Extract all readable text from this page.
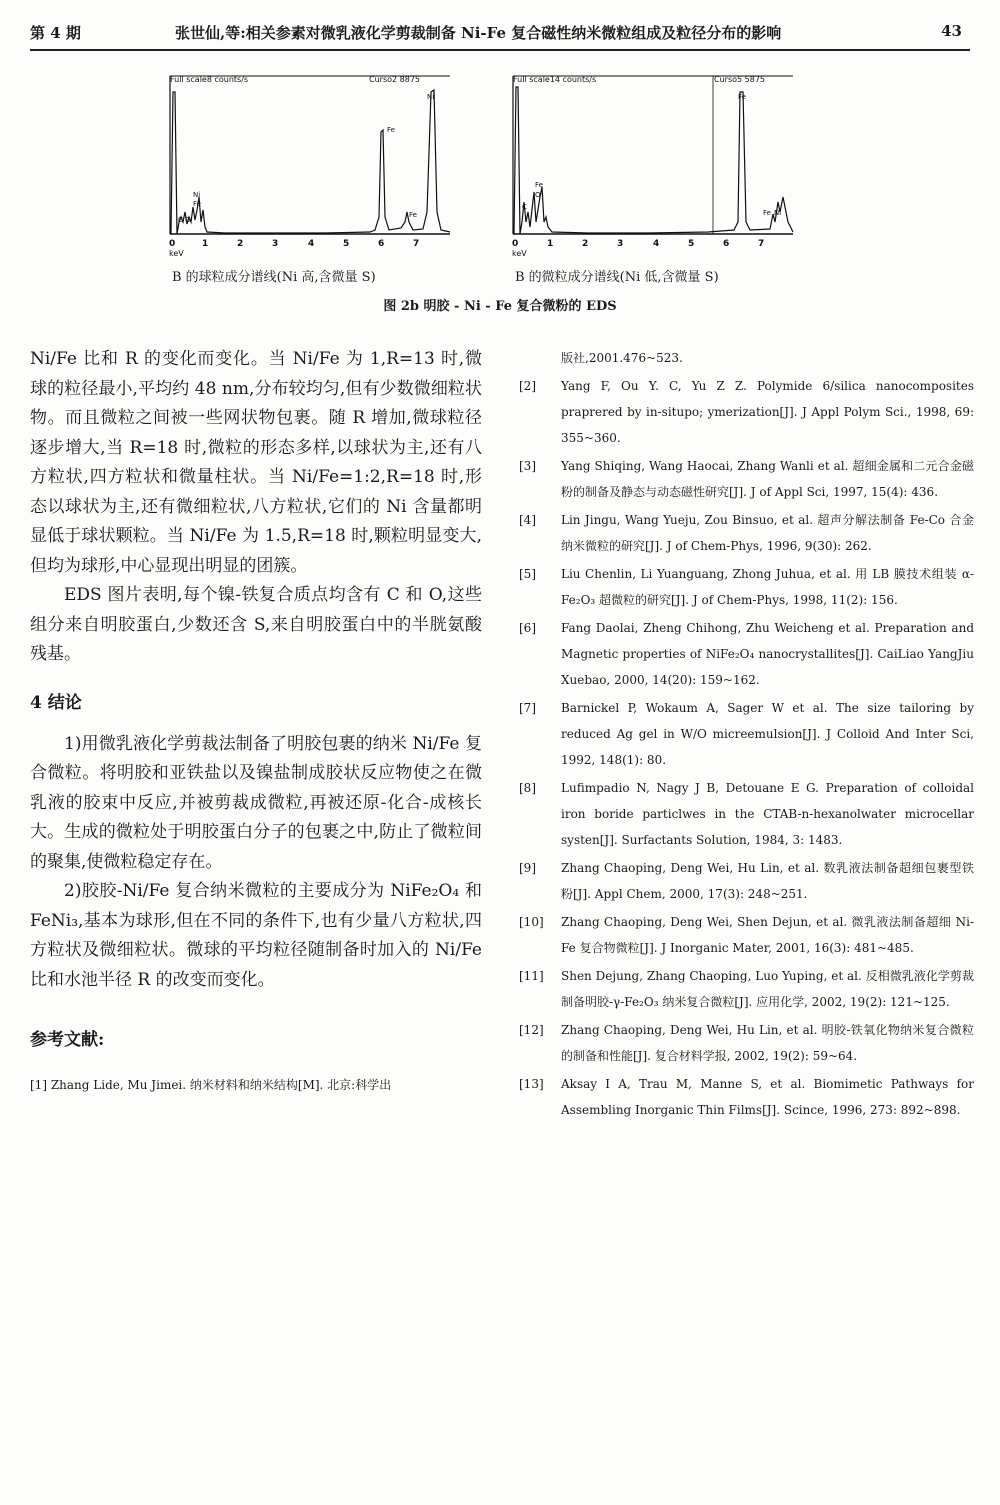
第 4 期	张世仙,等:相关参素对微乳液化学剪裁制备 Ni-Fe 复合磁性纳米微粒组成及粒径分布的影响	43
Full scale8 counts/s	Curso2 8875
Ni
Fe
Ni
Fe
C O
Fe
0	1	2	3	4	5	6	7
keV
B 的球粒成分谱线(Ni 高,含微量 S)
Full scale14 counts/s	Curso5 5875
Fe
Fe
O
C
Fe Ni
0	1	2	3	4	5	6	7
keV
B 的微粒成分谱线(Ni 低,含微量 S)
图 2b 明胶 - Ni - Fe 复合微粉的 EDS

Ni/Fe 比和 R 的变化而变化。当 Ni/Fe 为 1,R=13 时,微球的粒径最小,平均约 48 nm,分布较均匀,但有少数微细粒状物。而且微粒之间被一些网状物包裹。随 R 增加,微球粒径逐步增大,当 R=18 时,微粒的形态多样,以球状为主,还有八方粒状,四方粒状和微量柱状。当 Ni/Fe=1:2,R=18 时,形态以球状为主,还有微细粒状,八方粒状,它们的 Ni 含量都明显低于球状颗粒。当 Ni/Fe 为 1.5,R=18 时,颗粒明显变大,但均为球形,中心显现出明显的团簇。

EDS 图片表明,每个镍-铁复合质点均含有 C 和 O,这些组分来自明胶蛋白,少数还含 S,来自明胶蛋白中的半胱氨酸残基。

4 结论

1)用微乳液化学剪裁法制备了明胶包裹的纳米 Ni/Fe 复合微粒。将明胶和亚铁盐以及镍盐制成胶状反应物使之在微乳液的胶束中反应,并被剪裁成微粒,再被还原-化合-成核长大。生成的微粒处于明胶蛋白分子的包裹之中,防止了微粒间的聚集,使微粒稳定存在。

2)胶胶-Ni/Fe 复合纳米微粒的主要成分为 NiFe₂O₄ 和 FeNi₃,基本为球形,但在不同的条件下,也有少量八方粒状,四方粒状及微细粒状。微球的平均粒径随制备时加入的 Ni/Fe 比和水池半径 R 的改变而变化。

参考文献:
[1] Zhang Lide, Mu Jimei. 纳米材料和纳米结构[M]. 北京:科学出
版社,2001.476~523.
[2]	Yang F, Ou Y. C, Yu Z Z. Polymide 6/silica nanocomposites praprered by in-situpo; ymerization[J]. J Appl Polym Sci., 1998, 69: 355~360.
[3]	Yang Shiqing, Wang Haocai, Zhang Wanli et al. 超细金属和二元合金磁粉的制备及静态与动态磁性研究[J]. J of Appl Sci, 1997, 15(4): 436.
[4]	Lin Jingu, Wang Yueju, Zou Binsuo, et al. 超声分解法制备 Fe-Co 合金纳米微粒的研究[J]. J of Chem-Phys, 1996, 9(30): 262.
[5]	Liu Chenlin, Li Yuanguang, Zhong Juhua, et al. 用 LB 膜技术组装 α-Fe₂O₃ 超微粒的研究[J]. J of Chem-Phys, 1998, 11(2): 156.
[6]	Fang Daolai, Zheng Chihong, Zhu Weicheng et al. Preparation and Magnetic properties of NiFe₂O₄ nanocrystallites[J]. CaiLiao YangJiu Xuebao, 2000, 14(20): 159~162.
[7]	Barnickel P, Wokaum A, Sager W et al. The size tailoring by reduced Ag gel in W/O micreemulsion[J]. J Colloid And Inter Sci, 1992, 148(1): 80.
[8]	Lufimpadio N, Nagy J B, Detouane E G. Preparation of colloidal iron boride particlwes in the CTAB-n-hexanolwater microcellar systen[J]. Surfactants Solution, 1984, 3: 1483.
[9]	Zhang Chaoping, Deng Wei, Hu Lin, et al. 数乳液法制备超细包裹型铁粉[J]. Appl Chem, 2000, 17(3): 248~251.
[10]	Zhang Chaoping, Deng Wei, Shen Dejun, et al. 微乳液法制备超细 Ni-Fe 复合物微粒[J]. J Inorganic Mater, 2001, 16(3): 481~485.
[11]	Shen Dejung, Zhang Chaoping, Luo Yuping, et al. 反相微乳液化学剪裁制备明胶-γ-Fe₂O₃ 纳米复合微粒[J]. 应用化学, 2002, 19(2): 121~125.
[12]	Zhang Chaoping, Deng Wei, Hu Lin, et al. 明胶-铁氧化物纳米复合微粒的制备和性能[J]. 复合材料学报, 2002, 19(2): 59~64.
[13]	Aksay I A, Trau M, Manne S, et al. Biomimetic Pathways for Assembling Inorganic Thin Films[J]. Scince, 1996, 273: 892~898.
